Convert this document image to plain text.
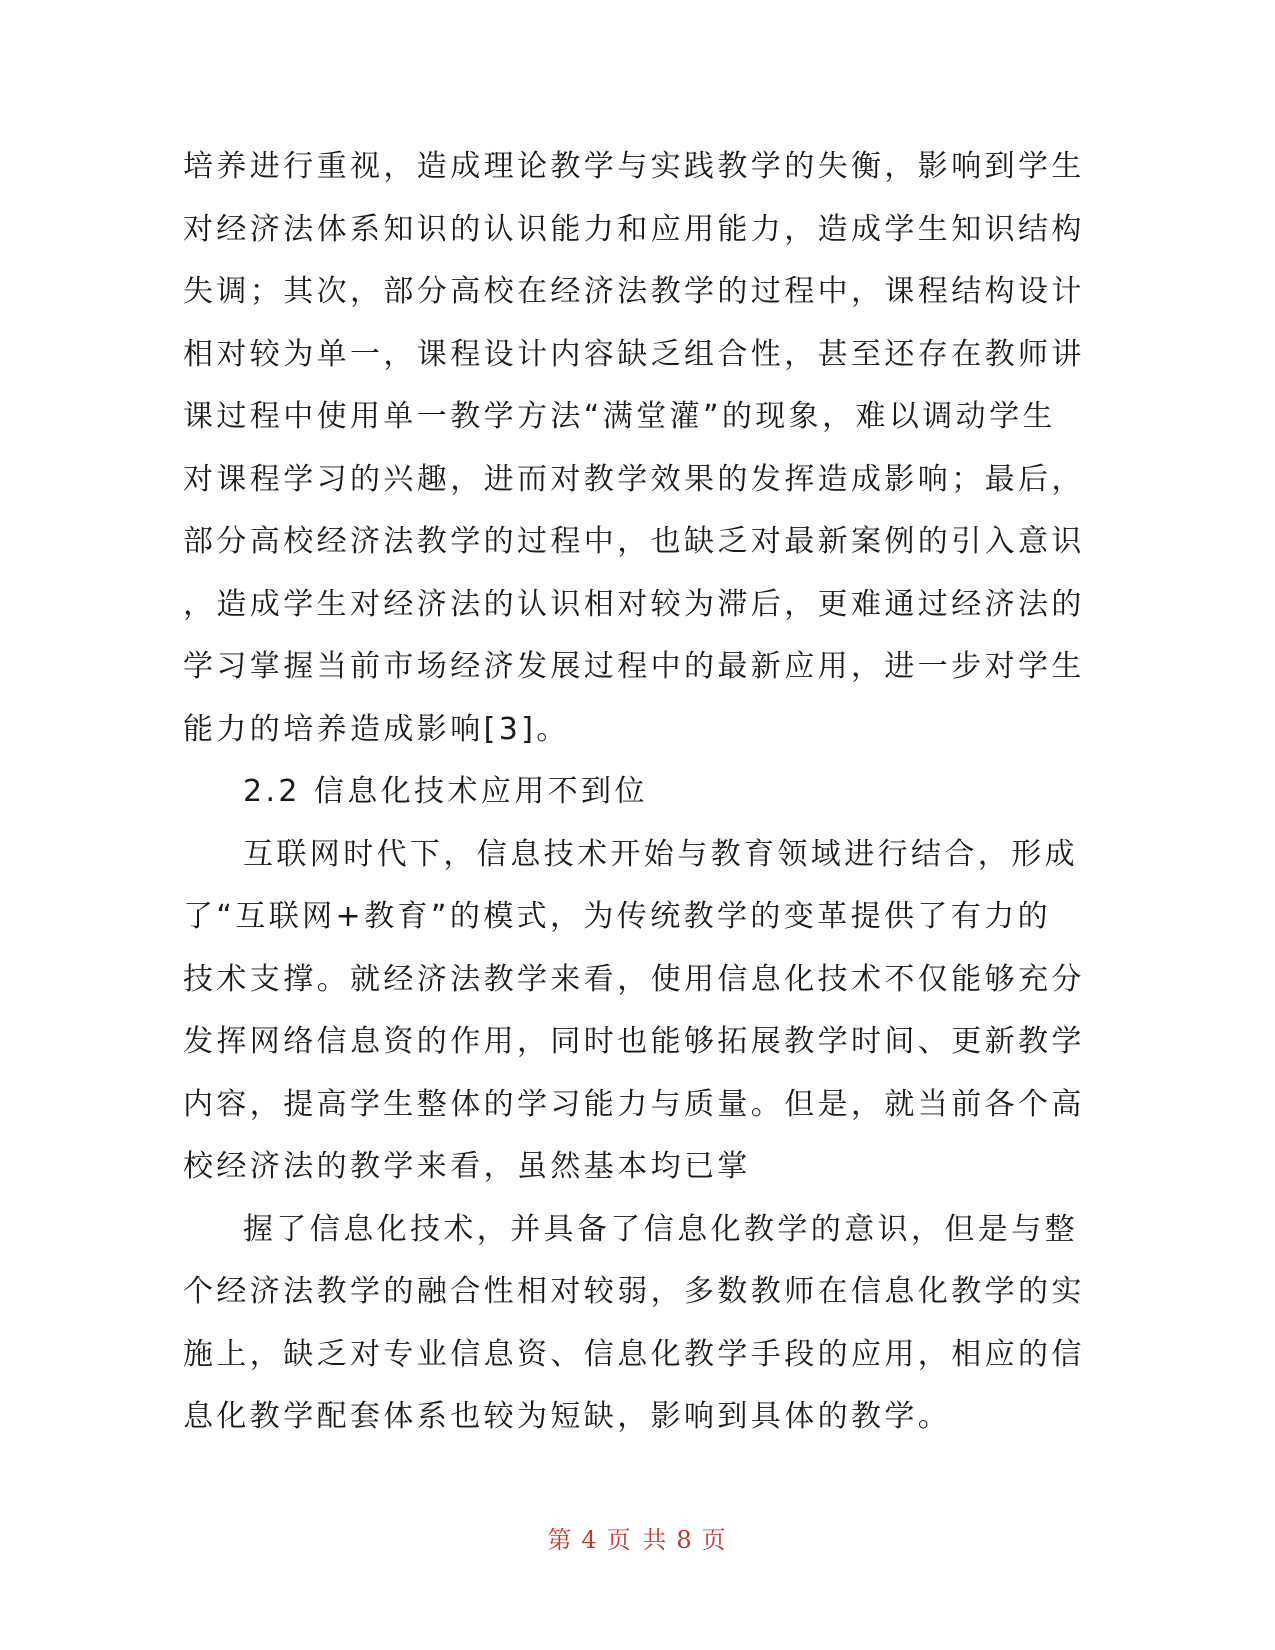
培养进行重视，造成理论教学与实践教学的失衡，影响到学生
对经济法体系知识的认识能力和应用能力，造成学生知识结构
失调；其次，部分高校在经济法教学的过程中，课程结构设计
相对较为单一，课程设计内容缺乏组合性，甚至还存在教师讲
课过程中使用单一教学方法“满堂灌”的现象，难以调动学生
对课程学习的兴趣，进而对教学效果的发挥造成影响；最后，
部分高校经济法教学的过程中，也缺乏对最新案例的引入意识
，造成学生对经济法的认识相对较为滞后，更难通过经济法的
学习掌握当前市场经济发展过程中的最新应用，进一步对学生
能力的培养造成影响[3]。
2.2 信息化技术应用不到位
互联网时代下，信息技术开始与教育领域进行结合，形成
了“互联网+教育”的模式，为传统教学的变革提供了有力的
技术支撑。就经济法教学来看，使用信息化技术不仅能够充分
发挥网络信息资的作用，同时也能够拓展教学时间、更新教学
内容，提高学生整体的学习能力与质量。但是，就当前各个高
校经济法的教学来看，虽然基本均已掌
握了信息化技术，并具备了信息化教学的意识，但是与整
个经济法教学的融合性相对较弱，多数教师在信息化教学的实
施上，缺乏对专业信息资、信息化教学手段的应用，相应的信
息化教学配套体系也较为短缺，影响到具体的教学。
第 4 页 共 8 页
